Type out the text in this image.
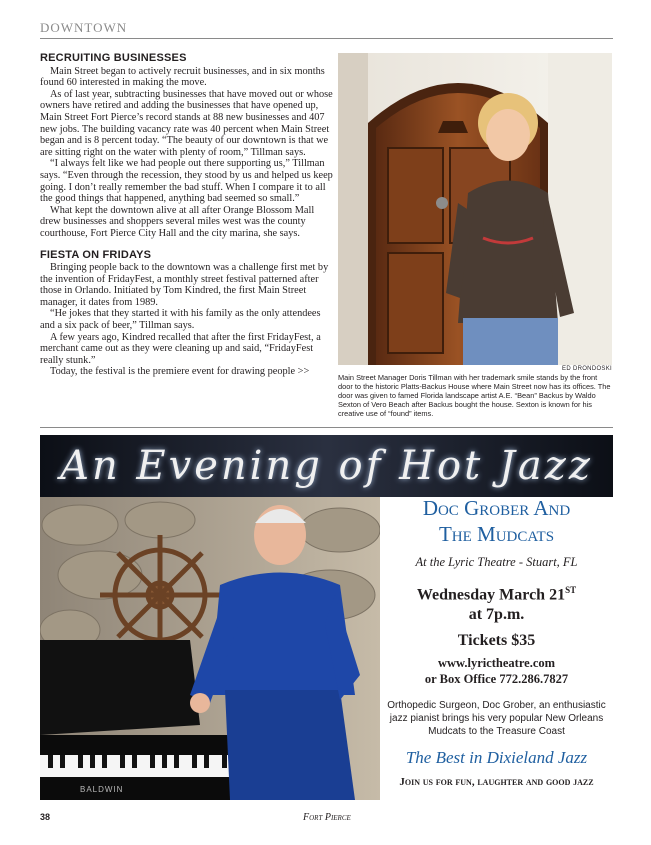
DOWNTOWN
RECRUITING BUSINESSES

Main Street began to actively recruit businesses, and in six months found 60 interested in making the move.

As of last year, subtracting businesses that have moved out or whose owners have retired and adding the businesses that have opened up, Main Street Fort Pierce’s record stands at 88 new businesses and 407 new jobs. The building vacancy rate was 40 percent when Main Street began and is 8 percent today. “The beauty of our downtown is that we are sitting right on the water with plenty of room,” Tillman says.

“I always felt like we had people out there supporting us,” Tillman says. “Even through the recession, they stood by us and helped us keep going. I don’t really remember the bad stuff. When I compare it to all the good things that happened, anything bad seemed so small.”

What kept the downtown alive at all after Orange Blossom Mall drew businesses and shoppers several miles west was the county courthouse, Fort Pierce City Hall and the city marina, she says.

FIESTA ON FRIDAYS

Bringing people back to the downtown was a challenge first met by the invention of FridayFest, a monthly street festival patterned after those in Orlando. Initiated by Tom Kindred, the first Main Street manager, it dates from 1989.

“He jokes that they started it with his family as the only attendees and a six pack of beer,” Tillman says.

A few years ago, Kindred recalled that after the first FridayFest, a merchant came out as they were cleaning up and said, “FridayFest really stunk.”

Today, the festival is the premiere event for drawing people >>	ED DRONDOSKI
Main Street Manager Doris Tillman with her trademark smile stands by the front door to the historic Platts-Backus House where Main Street now has its offices. The door was given to famed Florida landscape artist A.E. “Bean” Backus by Waldo Sexton of Vero Beach after Backus bought the house. Sexton is known for his creative use of “found” items.
An Evening of Hot Jazz
BALDWIN
Doc Grober And
The Mudcats
At the Lyric Theatre - Stuart, FL
Wednesday March 21ST
at 7p.m.
Tickets $35
www.lyrictheatre.com
or Box Office 772.286.7827
Orthopedic Surgeon, Doc Grober, an enthusiastic jazz pianist brings his very popular New Orleans Mudcats to the Treasure Coast
The Best in Dixieland Jazz
Join us for fun, laughter and good jazz
38	Fort Pierce
